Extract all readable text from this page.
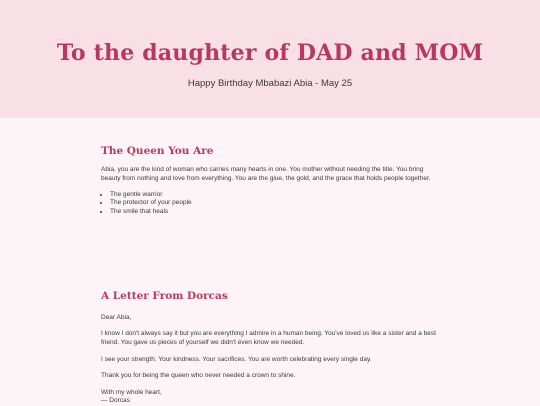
To the daughter of DAD and MOM
Happy Birthday Mbabazi Abia - May 25
The Queen You Are

Abia, you are the kind of woman who carries many hearts in one. You mother without needing the title. You bring beauty from nothing and love from everything. You are the glue, the gold, and the grace that holds people together.

• The gentle warrior
• The protector of your people
• The smile that heals
A Letter From Dorcas

Dear Abia,

I know I don't always say it but you are everything I admire in a human being. You've loved us like a sister and a best friend. You gave us pieces of yourself we didn't even know we needed.

I see your strength. Your kindness. Your sacrifices. You are worth celebrating every single day.

Thank you for being the queen who never needed a crown to shine.

With my whole heart,
— Dorcas
